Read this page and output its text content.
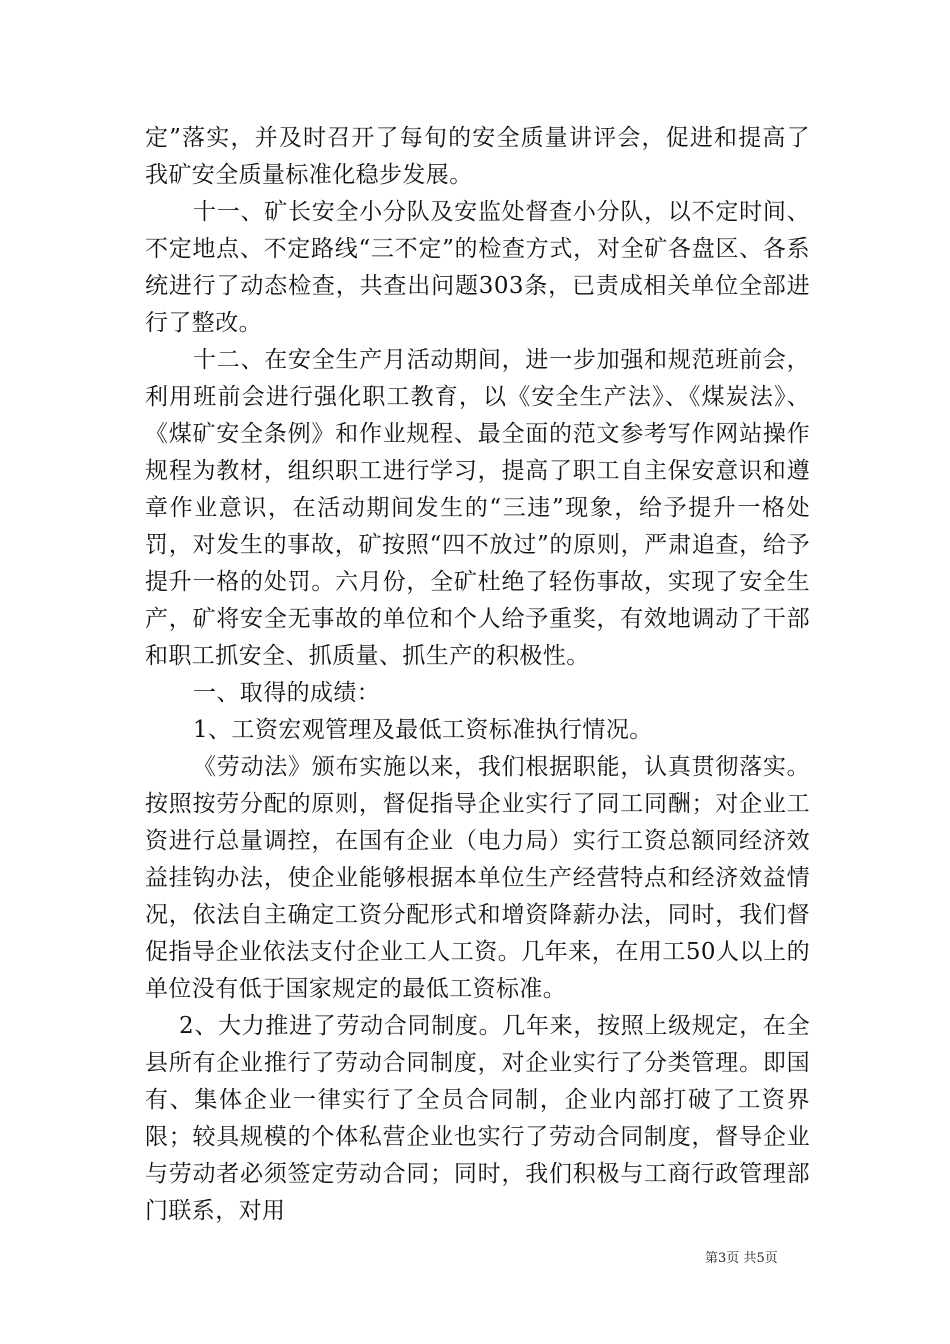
定”落实，并及时召开了每旬的安全质量讲评会，促进和提高了我矿安全质量标准化稳步发展。

十一、矿长安全小分队及安监处督查小分队，以不定时间、不定地点、不定路线“三不定”的检查方式，对全矿各盘区、各系统进行了动态检查，共查出问题303条，已责成相关单位全部进行了整改。

十二、在安全生产月活动期间，进一步加强和规范班前会，利用班前会进行强化职工教育，以《安全生产法》、《煤炭法》、《煤矿安全条例》和作业规程、最全面的范文参考写作网站操作规程为教材，组织职工进行学习，提高了职工自主保安意识和遵章作业意识，在活动期间发生的“三违”现象，给予提升一格处罚，对发生的事故，矿按照“四不放过”的原则，严肃追查，给予提升一格的处罚。六月份，全矿杜绝了轻伤事故，实现了安全生产，矿将安全无事故的单位和个人给予重奖，有效地调动了干部和职工抓安全、抓质量、抓生产的积极性。

一、取得的成绩：

1、工资宏观管理及最低工资标准执行情况。

《劳动法》颁布实施以来，我们根据职能，认真贯彻落实。按照按劳分配的原则，督促指导企业实行了同工同酬；对企业工资进行总量调控，在国有企业（电力局）实行工资总额同经济效益挂钩办法，使企业能够根据本单位生产经营特点和经济效益情况，依法自主确定工资分配形式和增资降薪办法，同时，我们督促指导企业依法支付企业工人工资。几年来，在用工50人以上的单位没有低于国家规定的最低工资标准。

2、大力推进了劳动合同制度。几年来，按照上级规定，在全县所有企业推行了劳动合同制度，对企业实行了分类管理。即国有、集体企业一律实行了全员合同制，企业内部打破了工资界限；较具规模的个体私营企业也实行了劳动合同制度，督导企业与劳动者必须签定劳动合同；同时，我们积极与工商行政管理部门联系，对用

第3页 共5页
